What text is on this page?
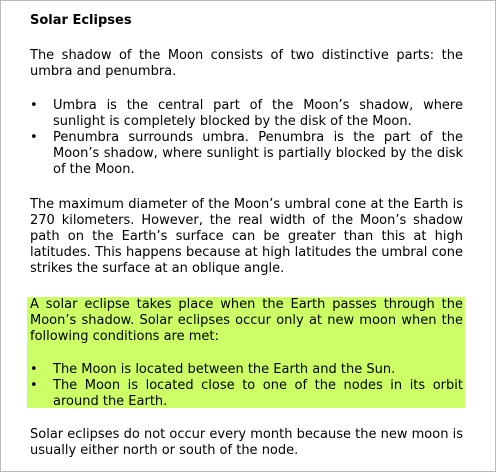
Solar Eclipses

The shadow of the Moon consists of two distinctive parts: the umbra and penumbra.

•	Umbra is the central part of the Moon’s shadow, where sunlight is completely blocked by the disk of the Moon.
•	Penumbra surrounds umbra. Penumbra is the part of the Moon’s shadow, where sunlight is partially blocked by the disk of the Moon.

The maximum diameter of the Moon’s umbral cone at the Earth is 270 kilometers. However, the real width of the Moon’s shadow path on the Earth’s surface can be greater than this at high latitudes. This happens because at high latitudes the umbral cone strikes the surface at an oblique angle.

A solar eclipse takes place when the Earth passes through the Moon’s shadow. Solar eclipses occur only at new moon when the following conditions are met:

•	The Moon is located between the Earth and the Sun.
•	The Moon is located close to one of the nodes in its orbit around the Earth.

Solar eclipses do not occur every month because the new moon is usually either north or south of the node.
